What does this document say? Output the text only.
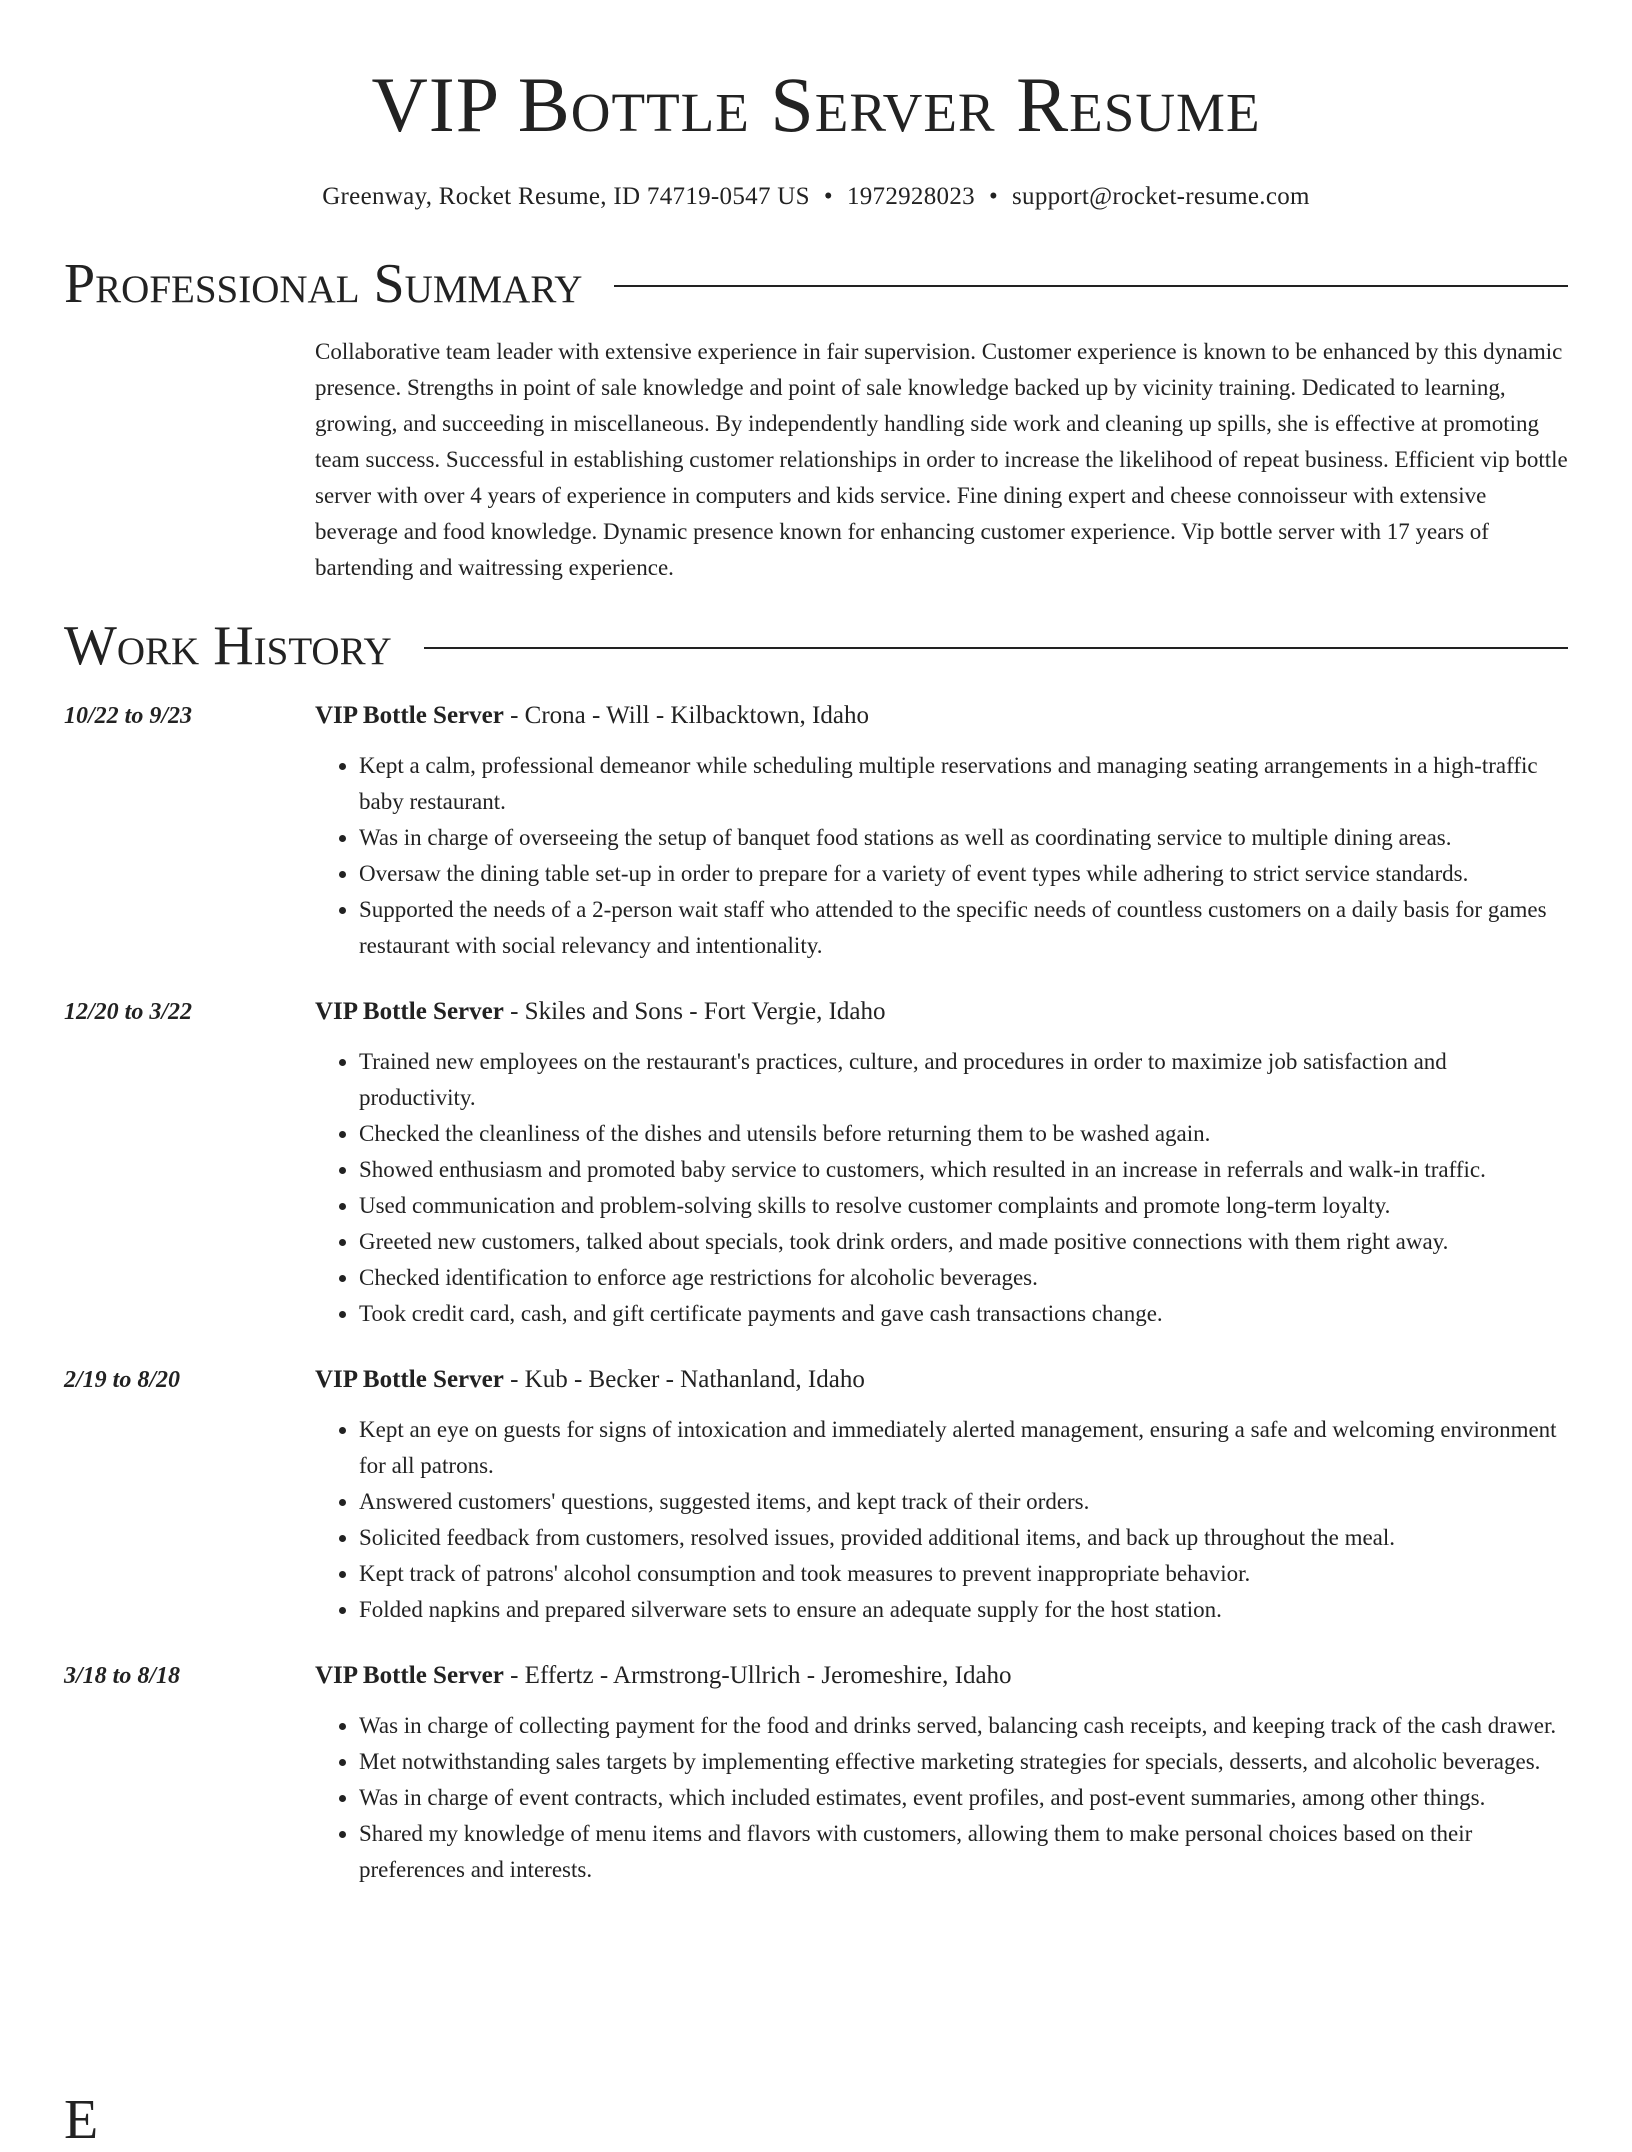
VIP Bottle Server Resume
Greenway, Rocket Resume, ID 74719-0547 US • 1972928023 • support@rocket-resume.com
Professional Summary
Collaborative team leader with extensive experience in fair supervision. Customer experience is known to be enhanced by this dynamic presence. Strengths in point of sale knowledge and point of sale knowledge backed up by vicinity training. Dedicated to learning, growing, and succeeding in miscellaneous. By independently handling side work and cleaning up spills, she is effective at promoting team success. Successful in establishing customer relationships in order to increase the likelihood of repeat business. Efficient vip bottle server with over 4 years of experience in computers and kids service. Fine dining expert and cheese connoisseur with extensive beverage and food knowledge. Dynamic presence known for enhancing customer experience. Vip bottle server with 17 years of bartending and waitressing experience.
Work History
10/22 to 9/23	VIP Bottle Server - Crona - Will - Kilbacktown, Idaho
• Kept a calm, professional demeanor while scheduling multiple reservations and managing seating arrangements in a high-traffic baby restaurant.
• Was in charge of overseeing the setup of banquet food stations as well as coordinating service to multiple dining areas.
• Oversaw the dining table set-up in order to prepare for a variety of event types while adhering to strict service standards.
• Supported the needs of a 2-person wait staff who attended to the specific needs of countless customers on a daily basis for games restaurant with social relevancy and intentionality.
12/20 to 3/22	VIP Bottle Server - Skiles and Sons - Fort Vergie, Idaho
• Trained new employees on the restaurant's practices, culture, and procedures in order to maximize job satisfaction and productivity.
• Checked the cleanliness of the dishes and utensils before returning them to be washed again.
• Showed enthusiasm and promoted baby service to customers, which resulted in an increase in referrals and walk-in traffic.
• Used communication and problem-solving skills to resolve customer complaints and promote long-term loyalty.
• Greeted new customers, talked about specials, took drink orders, and made positive connections with them right away.
• Checked identification to enforce age restrictions for alcoholic beverages.
• Took credit card, cash, and gift certificate payments and gave cash transactions change.
2/19 to 8/20	VIP Bottle Server - Kub - Becker - Nathanland, Idaho
• Kept an eye on guests for signs of intoxication and immediately alerted management, ensuring a safe and welcoming environment for all patrons.
• Answered customers' questions, suggested items, and kept track of their orders.
• Solicited feedback from customers, resolved issues, provided additional items, and back up throughout the meal.
• Kept track of patrons' alcohol consumption and took measures to prevent inappropriate behavior.
• Folded napkins and prepared silverware sets to ensure an adequate supply for the host station.
3/18 to 8/18	VIP Bottle Server - Effertz - Armstrong-Ullrich - Jeromeshire, Idaho
• Was in charge of collecting payment for the food and drinks served, balancing cash receipts, and keeping track of the cash drawer.
• Met notwithstanding sales targets by implementing effective marketing strategies for specials, desserts, and alcoholic beverages.
• Was in charge of event contracts, which included estimates, event profiles, and post-event summaries, among other things.
• Shared my knowledge of menu items and flavors with customers, allowing them to make personal choices based on their preferences and interests.
E
